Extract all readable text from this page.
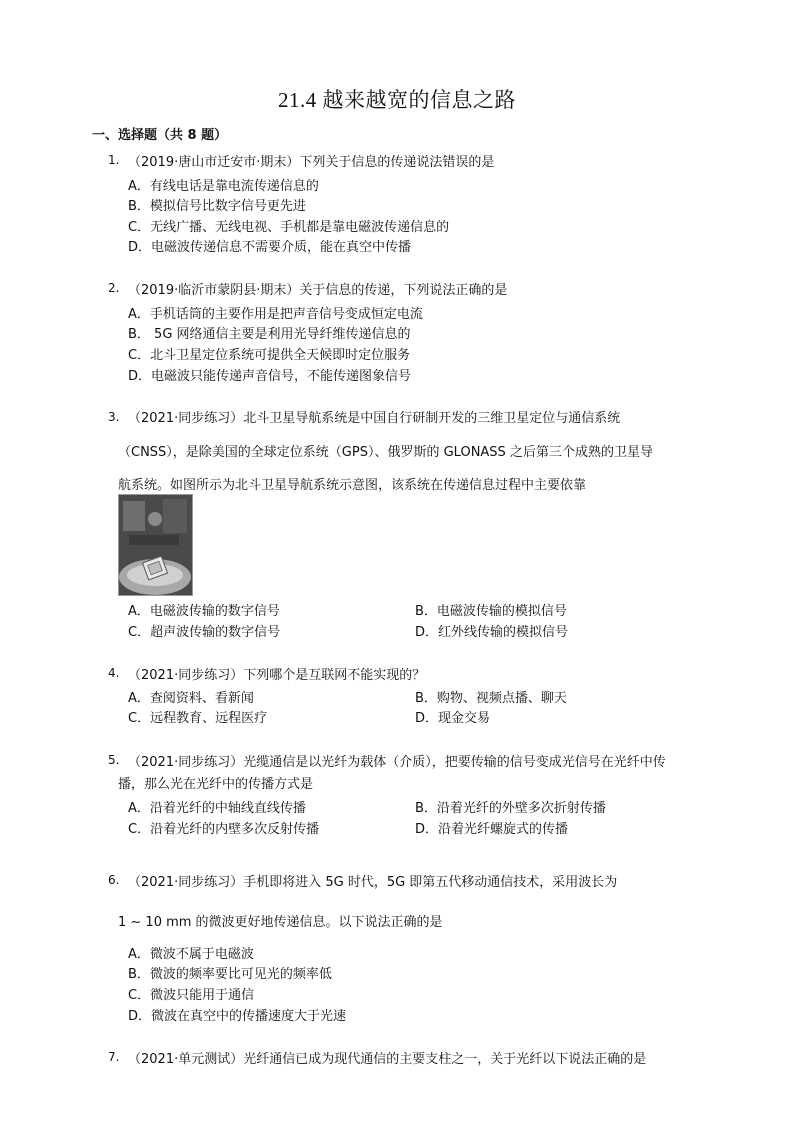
21.4 越来越宽的信息之路
一、选择题（共 8 题）
1. （2019·唐山市迁安市·期末）下列关于信息的传递说法错误的是
A．有线电话是靠电流传递信息的
B．模拟信号比数字信号更先进
C．无线广播、无线电视、手机都是靠电磁波传递信息的
D．电磁波传递信息不需要介质，能在真空中传播
2. （2019·临沂市蒙阴县·期末）关于信息的传递，下列说法正确的是
A．手机话筒的主要作用是把声音信号变成恒定电流
B． 5G 网络通信主要是利用光导纤维传递信息的
C．北斗卫星定位系统可提供全天候即时定位服务
D．电磁波只能传递声音信号，不能传递图象信号
3. （2021·同步练习）北斗卫星导航系统是中国自行研制开发的三维卫星定位与通信系统
（CNSS），是除美国的全球定位系统（GPS）、俄罗斯的 GLONASS 之后第三个成熟的卫星导
航系统。如图所示为北斗卫星导航系统示意图，该系统在传递信息过程中主要依靠
A．电磁波传输的数字信号	B．电磁波传输的模拟信号
C．超声波传输的数字信号	D．红外线传输的模拟信号
4. （2021·同步练习）下列哪个是互联网不能实现的？
A．查阅资料、看新闻	B．购物、视频点播、聊天
C．远程教育、远程医疗	D．现金交易
5. （2021·同步练习）光缆通信是以光纤为载体（介质），把要传输的信号变成光信号在光纤中传
播，那么光在光纤中的传播方式是
A．沿着光纤的中轴线直线传播	B．沿着光纤的外壁多次折射传播
C．沿着光纤的内壁多次反射传播	D．沿着光纤螺旋式的传播
6. （2021·同步练习）手机即将进入 5G 时代，5G 即第五代移动通信技术，采用波长为
1 ~ 10 mm 的微波更好地传递信息。以下说法正确的是
A．微波不属于电磁波
B．微波的频率要比可见光的频率低
C．微波只能用于通信
D．微波在真空中的传播速度大于光速
7. （2021·单元测试）光纤通信已成为现代通信的主要支柱之一，关于光纤以下说法正确的是
